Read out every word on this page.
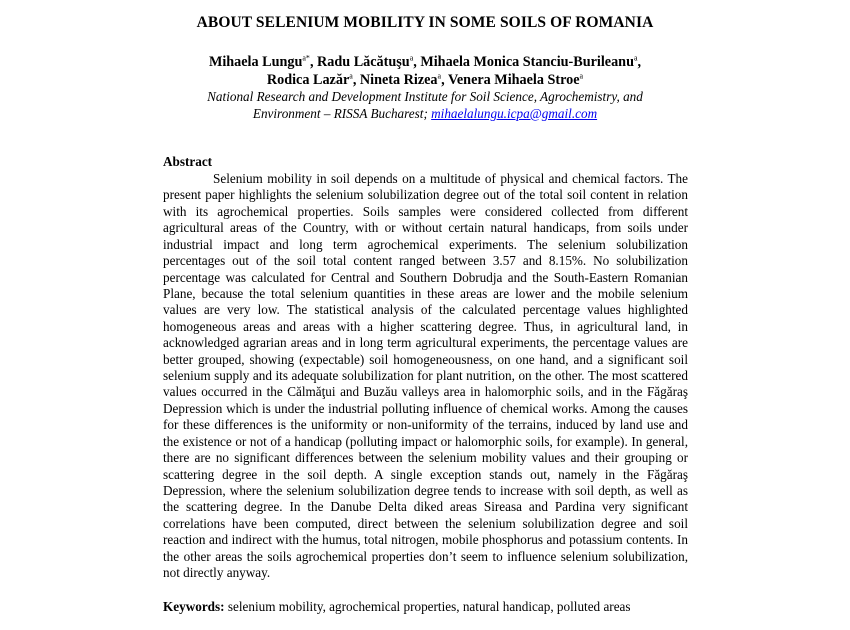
ABOUT SELENIUM MOBILITY IN SOME SOILS OF ROMANIA
Mihaela Lungu$^{a*}$, Radu Lăcătuşu$^a$, Mihaela Monica Stanciu-Burileanu$^a$,
Rodica Lazăr$^a$, Nineta Rizea$^a$, Venera Mihaela Stroe$^a$
National Research and Development Institute for Soil Science, Agrochemistry, and
Environment – RISSA Bucharest; mihaelalungu.icpa@gmail.com
Abstract

Selenium mobility in soil depends on a multitude of physical and chemical factors. The present paper highlights the selenium solubilization degree out of the total soil content in relation with its agrochemical properties. Soils samples were considered collected from different agricultural areas of the Country, with or without certain natural handicaps, from soils under industrial impact and long term agrochemical experiments. The selenium solubilization percentages out of the soil total content ranged between 3.57 and 8.15%. No solubilization percentage was calculated for Central and Southern Dobrudja and the South-Eastern Romanian Plane, because the total selenium quantities in these areas are lower and the mobile selenium values are very low. The statistical analysis of the calculated percentage values highlighted homogeneous areas and areas with a higher scattering degree. Thus, in agricultural land, in acknowledged agrarian areas and in long term agricultural experiments, the percentage values are better grouped, showing (expectable) soil homogeneousness, on one hand, and a significant soil selenium supply and its adequate solubilization for plant nutrition, on the other. The most scattered values occurred in the Călmăţui and Buzău valleys area in halomorphic soils, and in the Făgăraş Depression which is under the industrial polluting influence of chemical works. Among the causes for these differences is the uniformity or non-uniformity of the terrains, induced by land use and the existence or not of a handicap (polluting impact or halomorphic soils, for example). In general, there are no significant differences between the selenium mobility values and their grouping or scattering degree in the soil depth. A single exception stands out, namely in the Făgăraş Depression, where the selenium solubilization degree tends to increase with soil depth, as well as the scattering degree. In the Danube Delta diked areas Sireasa and Pardina very significant correlations have been computed, direct between the selenium solubilization degree and soil reaction and indirect with the humus, total nitrogen, mobile phosphorus and potassium contents. In the other areas the soils agrochemical properties don’t seem to influence selenium solubilization, not directly anyway.

Keywords: selenium mobility, agrochemical properties, natural handicap, polluted areas
